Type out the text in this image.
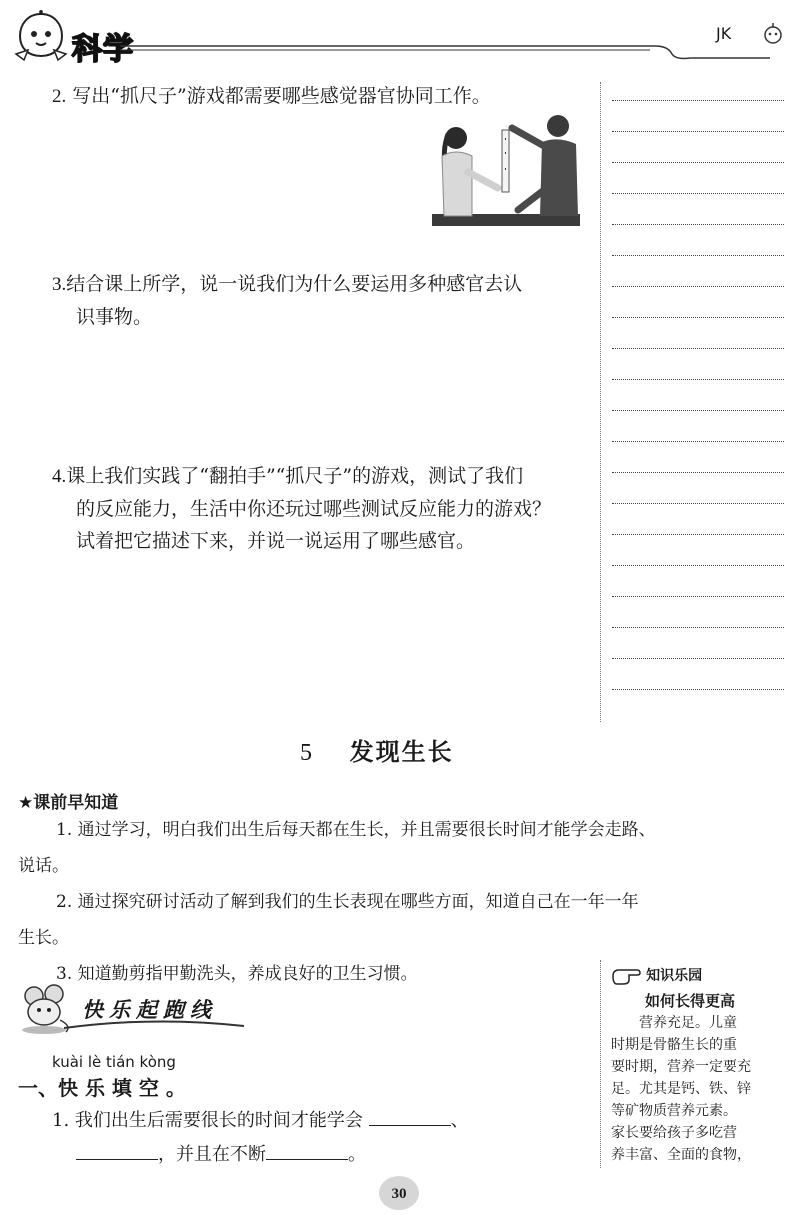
科学	JK
2. 写出“抓尺子”游戏都需要哪些感觉器官协同工作。
3.结合课上所学，说一说我们为什么要运用多种感官去认
识事物。
4.课上我们实践了“翻拍手”“抓尺子”的游戏，测试了我们
的反应能力，生活中你还玩过哪些测试反应能力的游戏？
试着把它描述下来，并说一说运用了哪些感官。
5 发现生长
★课前早知道
1. 通过学习，明白我们出生后每天都在生长，并且需要很长时间才能学会走路、
说话。
2. 通过探究研讨活动了解到我们的生长表现在哪些方面，知道自己在一年一年
生长。
3. 知道勤剪指甲勤洗头，养成良好的卫生习惯。
快乐起跑线
kuài lè tián kòng
一、快 乐 填 空 。
1. 我们出生后需要很长的时间才能学会	、
，并且在不断	。
知识乐园
如何长得更高
营养充足。儿童
时期是骨骼生长的重
要时期，营养一定要充
足。尤其是钙、铁、锌
等矿物质营养元素。
家长要给孩子多吃营
养丰富、全面的食物，
30
